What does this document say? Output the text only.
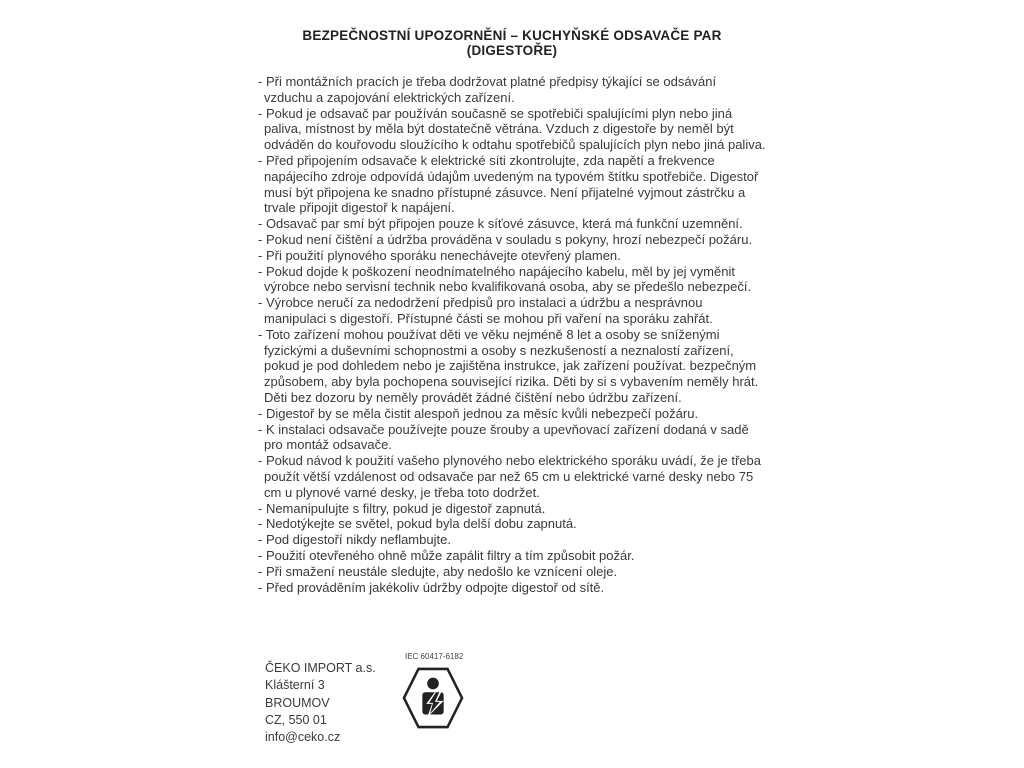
BEZPEČNOSTNÍ UPOZORNĚNÍ – KUCHYŇSKÉ ODSAVAČE PAR (DIGESTOŘE)
- Při montážních pracích je třeba dodržovat platné předpisy týkající se odsávání vzduchu a zapojování elektrických zařízení.
- Pokud je odsavač par používán současně se spotřebiči spalujícími plyn nebo jiná paliva, místnost by měla být dostatečně větrána. Vzduch z digestoře by neměl být odváděn do kouřovodu sloužícího k odtahu spotřebičů spalujících plyn nebo jiná paliva.
- Před připojením odsavače k elektrické síti zkontrolujte, zda napětí a frekvence napájecího zdroje odpovídá údajům uvedeným na typovém štítku spotřebiče. Digestoř musí být připojena ke snadno přístupné zásuvce. Není přijatelné vyjmout zástrčku a trvale připojit digestoř k napájení.
- Odsavač par smí být připojen pouze k síťové zásuvce, která má funkční uzemnění.
- Pokud není čištění a údržba prováděna v souladu s pokyny, hrozí nebezpečí požáru.
- Při použití plynového sporáku nenechávejte otevřený plamen.
- Pokud dojde k poškození neodnímatelného napájecího kabelu, měl by jej vyměnit výrobce nebo servisní technik nebo kvalifikovaná osoba, aby se předešlo nebezpečí.
- Výrobce neručí za nedodržení předpisů pro instalaci a údržbu a nesprávnou manipulaci s digestoří. Přístupné části se mohou při vaření na sporáku zahřát.
- Toto zařízení mohou používat děti ve věku nejméně 8 let a osoby se sníženými fyzickými a duševními schopnostmi a osoby s nezkušeností a neznalostí zařízení, pokud je pod dohledem nebo je zajištěna instrukce, jak zařízení používat. bezpečným způsobem, aby byla pochopena související rizika. Děti by si s vybavením neměly hrát. Děti bez dozoru by neměly provádět žádné čištění nebo údržbu zařízení.
- Digestoř by se měla čistit alespoň jednou za měsíc kvůli nebezpečí požáru.
- K instalaci odsavače používejte pouze šrouby a upevňovací zařízení dodaná v sadě pro montáž odsavače.
- Pokud návod k použití vašeho plynového nebo elektrického sporáku uvádí, že je třeba použít větší vzdálenost od odsavače par než 65 cm u elektrické varné desky nebo 75 cm u plynové varné desky, je třeba toto dodržet.
- Nemanipulujte s filtry, pokud je digestoř zapnutá.
- Nedotýkejte se světel, pokud byla delší dobu zapnutá.
- Pod digestoří nikdy neflambujte.
- Použití otevřeného ohně může zapálit filtry a tím způsobit požár.
- Při smažení neustále sledujte, aby nedošlo ke vznícení oleje.
- Před prováděním jakékoliv údržby odpojte digestoř od sítě.
ČEKO IMPORT a.s.
Klášterní 3
BROUMOV
CZ, 550 01
info@ceko.cz
IEC 60417-6182
